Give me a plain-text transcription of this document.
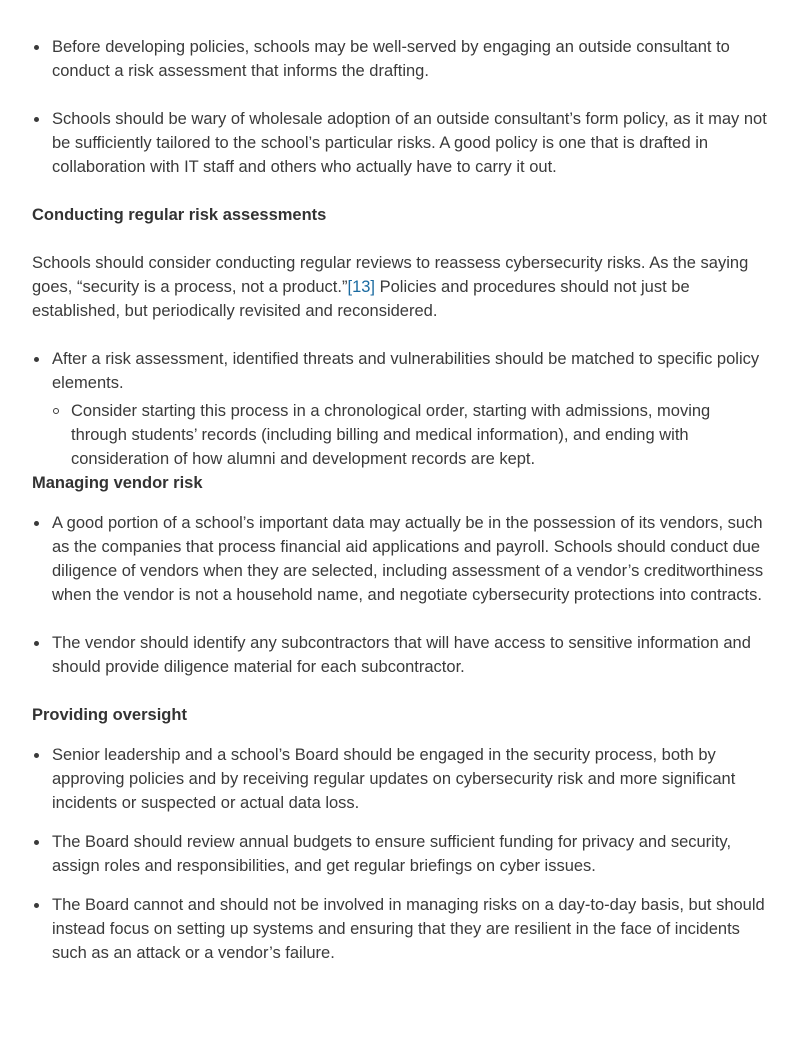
Before developing policies, schools may be well-served by engaging an outside consultant to conduct a risk assessment that informs the drafting.
Schools should be wary of wholesale adoption of an outside consultant’s form policy, as it may not be sufficiently tailored to the school’s particular risks. A good policy is one that is drafted in collaboration with IT staff and others who actually have to carry it out.

Conducting regular risk assessments

Schools should consider conducting regular reviews to reassess cybersecurity risks. As the saying goes, “security is a process, not a product.”[13] Policies and procedures should not just be established, but periodically revisited and reconsidered.

After a risk assessment, identified threats and vulnerabilities should be matched to specific policy elements.
Consider starting this process in a chronological order, starting with admissions, moving through students’ records (including billing and medical information), and ending with consideration of how alumni and development records are kept.

Managing vendor risk

A good portion of a school’s important data may actually be in the possession of its vendors, such as the companies that process financial aid applications and payroll. Schools should conduct due diligence of vendors when they are selected, including assessment of a vendor’s creditworthiness when the vendor is not a household name, and negotiate cybersecurity protections into contracts.
The vendor should identify any subcontractors that will have access to sensitive information and should provide diligence material for each subcontractor.

Providing oversight

Senior leadership and a school’s Board should be engaged in the security process, both by approving policies and by receiving regular updates on cybersecurity risk and more significant incidents or suspected or actual data loss.
The Board should review annual budgets to ensure sufficient funding for privacy and security, assign roles and responsibilities, and get regular briefings on cyber issues.
The Board cannot and should not be involved in managing risks on a day-to-day basis, but should instead focus on setting up systems and ensuring that they are resilient in the face of incidents such as an attack or a vendor’s failure.
